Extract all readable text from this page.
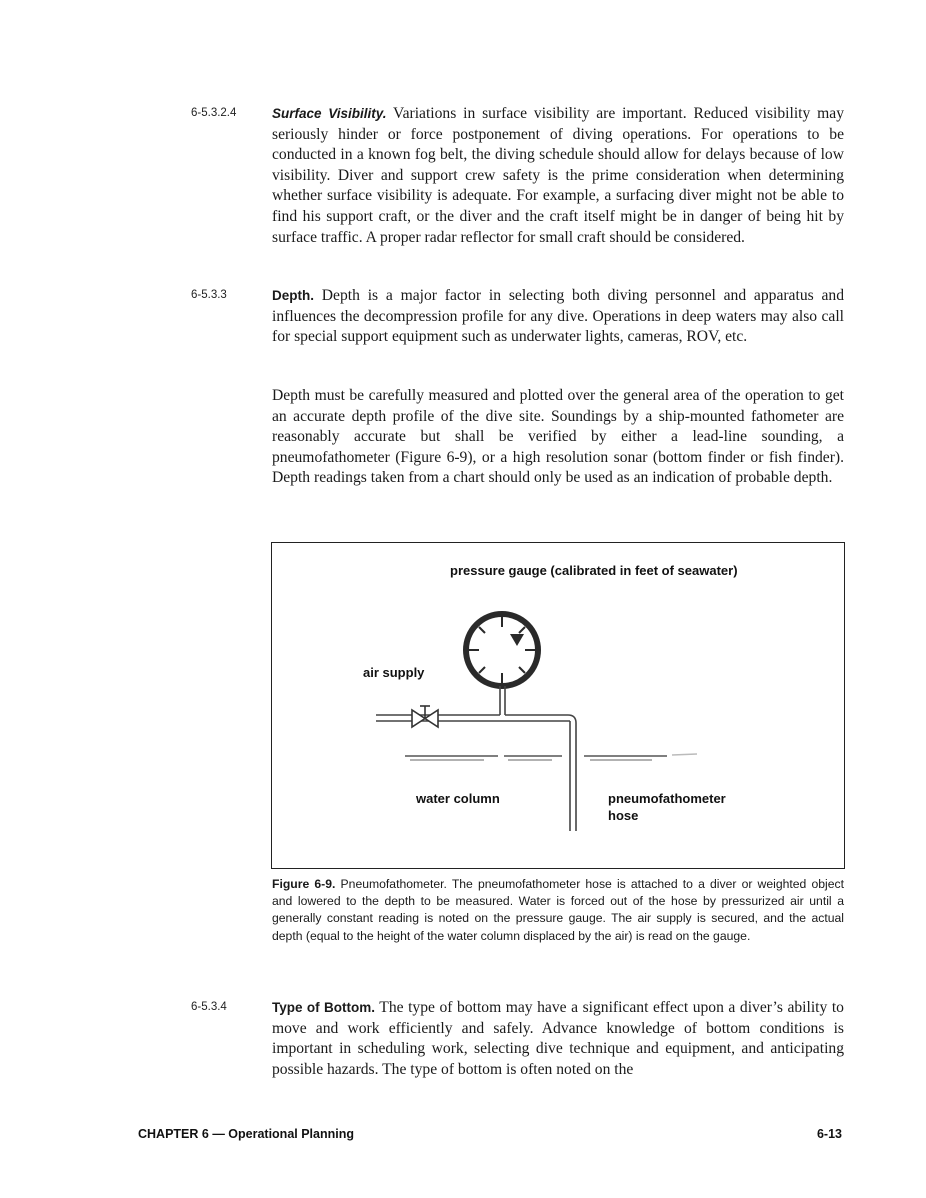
6-5.3.2.4	Surface Visibility. Variations in surface visibility are important. Reduced visibility may seriously hinder or force postponement of diving operations. For operations to be conducted in a known fog belt, the diving schedule should allow for delays because of low visibility. Diver and support crew safety is the prime consideration when determining whether surface visibility is adequate. For example, a surfacing diver might not be able to find his support craft, or the diver and the craft itself might be in danger of being hit by surface traffic. A proper radar reflector for small craft should be considered.
6-5.3.3	Depth. Depth is a major factor in selecting both diving personnel and apparatus and influences the decompression profile for any dive. Operations in deep waters may also call for special support equipment such as underwater lights, cameras, ROV, etc.
Depth must be carefully measured and plotted over the general area of the operation to get an accurate depth profile of the dive site. Soundings by a ship-mounted fathometer are reasonably accurate but shall be verified by either a lead-line sounding, a pneumofathometer (Figure 6-9), or a high resolution sonar (bottom finder or fish finder). Depth readings taken from a chart should only be used as an indication of probable depth.
pressure gauge (calibrated in feet of seawater)
air supply
water column	pneumofathometer
hose
Figure 6-9. Pneumofathometer. The pneumofathometer hose is attached to a diver or weighted object and lowered to the depth to be measured. Water is forced out of the hose by pressurized air until a generally constant reading is noted on the pressure gauge. The air supply is secured, and the actual depth (equal to the height of the water column displaced by the air) is read on the gauge.
6-5.3.4	Type of Bottom. The type of bottom may have a significant effect upon a diver’s ability to move and work efficiently and safely. Advance knowledge of bottom conditions is important in scheduling work, selecting dive technique and equipment, and anticipating possible hazards. The type of bottom is often noted on the
CHAPTER 6 — Operational Planning	6-13
